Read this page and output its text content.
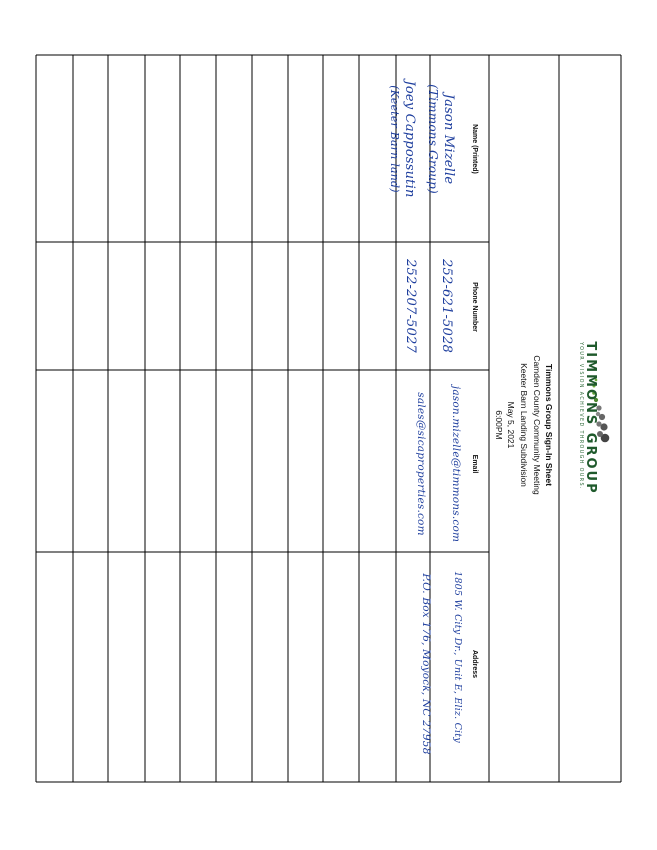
TIMMONS GROUP
YOUR VISION ACHIEVED THROUGH OURS.
Timmons Group Sign-In Sheet
Camden County Community Meeting
Keeter Barn Landing Subdivision
May 5, 2021
6:00PM
Name (Printed)
Phone Number
Email
Address
Jason Mizelle
(Timmons Group)
252-621-5028
jason.mizelle@timmons.com
1805 W. City Dr., Unit E, Eliz. City
Joey Cappossutin
(Keeter Barn land)
252-207-5027
sales@sicaproperties.com
P.O. Box 176, Moyock, NC 27958
